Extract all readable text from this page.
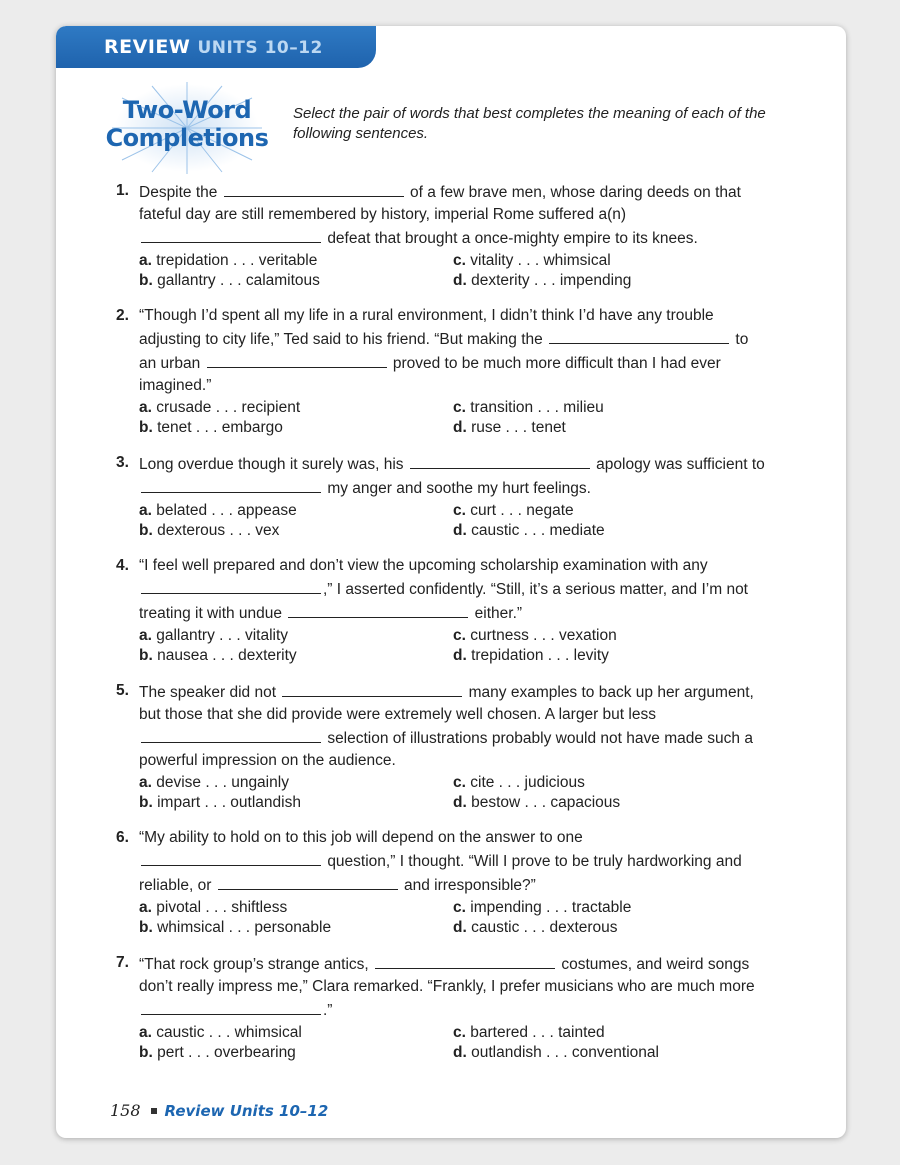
REVIEW UNITS 10–12
Two-Word
Completions
Select the pair of words that best completes the meaning of each of the following sentences.
1. Despite the	of a few brave men, whose daring deeds on that fateful day are still remembered by history, imperial Rome suffered a(n)  defeat that brought a once-mighty empire to its knees.
a. trepidation . . . veritable	c. vitality . . . whimsical
b. gallantry . . . calamitous	d. dexterity . . . impending
2. “Though I’d spent all my life in a rural environment, I didn’t think I’d have any trouble adjusting to city life,” Ted said to his friend. “But making the	to an urban	proved to be much more difficult than I had ever imagined.”
a. crusade . . . recipient	c. transition . . . milieu
b. tenet . . . embargo	d. ruse . . . tenet
3. Long overdue though it surely was, his	apology was sufficient to  my anger and soothe my hurt feelings.
a. belated . . . appease	c. curt . . . negate
b. dexterous . . . vex	d. caustic . . . mediate
4. “I feel well prepared and don’t view the upcoming scholarship examination with any ,” I asserted confidently. “Still, it’s a serious matter, and I’m not treating it with undue	either.”
a. gallantry . . . vitality	c. curtness . . . vexation
b. nausea . . . dexterity	d. trepidation . . . levity
5. The speaker did not	many examples to back up her argument, but those that she did provide were extremely well chosen. A larger but less  selection of illustrations probably would not have made such a powerful impression on the audience.
a. devise . . . ungainly	c. cite . . . judicious
b. impart . . . outlandish	d. bestow . . . capacious
6. “My ability to hold on to this job will depend on the answer to one  question,” I thought. “Will I prove to be truly hardworking and reliable, or	and irresponsible?”
a. pivotal . . . shiftless	c. impending . . . tractable
b. whimsical . . . personable	d. caustic . . . dexterous
7. “That rock group’s strange antics,	costumes, and weird songs don’t really impress me,” Clara remarked. “Frankly, I prefer musicians who are much more .”
a. caustic . . . whimsical	c. bartered . . . tainted
b. pert . . . overbearing	d. outlandish . . . conventional
158 Review Units 10–12
